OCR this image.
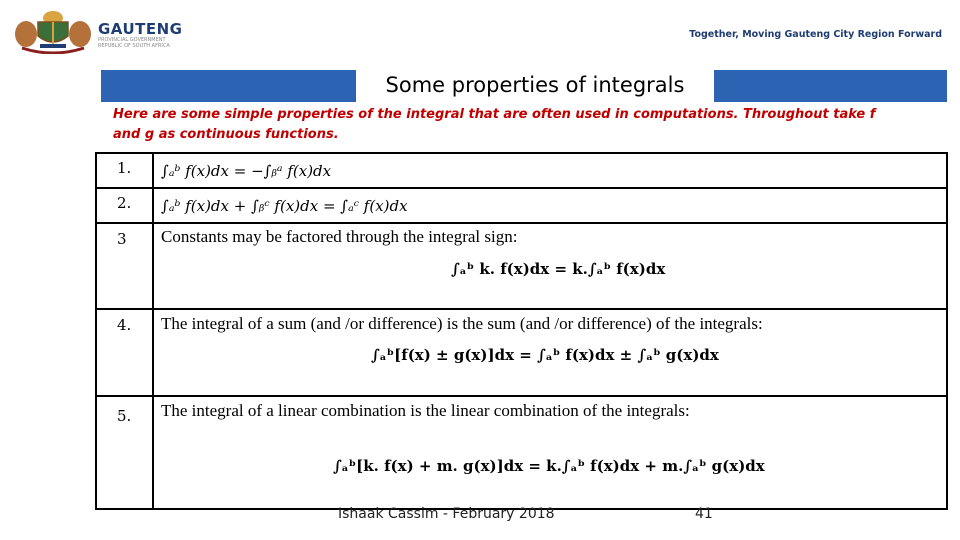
GAUTENG
PROVINCIAL GOVERNMENT
REPUBLIC OF SOUTH AFRICA
Together, Moving Gauteng City Region Forward
Some properties of integrals
Here are some simple properties of the integral that are often used in computations. Throughout take f and g as continuous functions.
1. ∫ₐᵇ f(x)dx = −∫ᵦᵃ f(x)dx
2. ∫ₐᵇ f(x)dx + ∫ᵦᶜ f(x)dx = ∫ₐᶜ f(x)dx
3 Constants may be factored through the integral sign:
∫ₐᵇ k. f(x)dx = k.∫ₐᵇ f(x)dx
4. The integral of a sum (and /or difference) is the sum (and /or difference) of the integrals:
∫ₐᵇ[f(x) ± g(x)]dx = ∫ₐᵇ f(x)dx ± ∫ₐᵇ g(x)dx
5. The integral of a linear combination is the linear combination of the integrals:
∫ₐᵇ[k. f(x) + m. g(x)]dx = k.∫ₐᵇ f(x)dx + m.∫ₐᵇ g(x)dx
Ishaak Cassim - February 2018	41
